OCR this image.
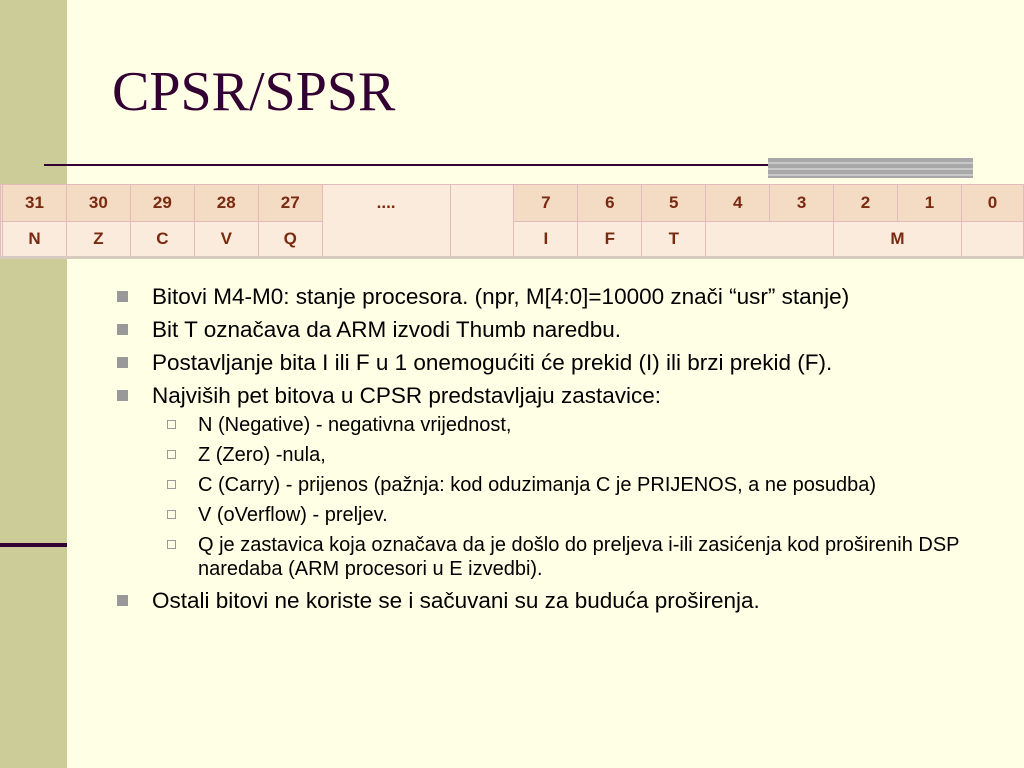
CPSR/SPSR
	31	30	29	28	27	....		7	6	5	4	3	2	1	0
	N	Z	C	V	Q			I	F	T			M		
Bitovi M4-M0: stanje procesora. (npr, M[4:0]=10000 znači “usr” stanje)
Bit T označava da ARM izvodi Thumb naredbu.
Postavljanje bita I ili F u 1 onemogućiti će prekid (I) ili brzi prekid (F).
Najviših pet bitova u CPSR predstavljaju zastavice:
N (Negative) - negativna vrijednost,
Z (Zero) -nula,
C (Carry) - prijenos (pažnja: kod oduzimanja C je PRIJENOS, a ne posudba)
V (oVerflow) - preljev.
Q je zastavica koja označava da je došlo do preljeva i-ili zasićenja kod proširenih DSP naredaba (ARM procesori u E izvedbi).
Ostali bitovi ne koriste se i sačuvani su za buduća proširenja.
